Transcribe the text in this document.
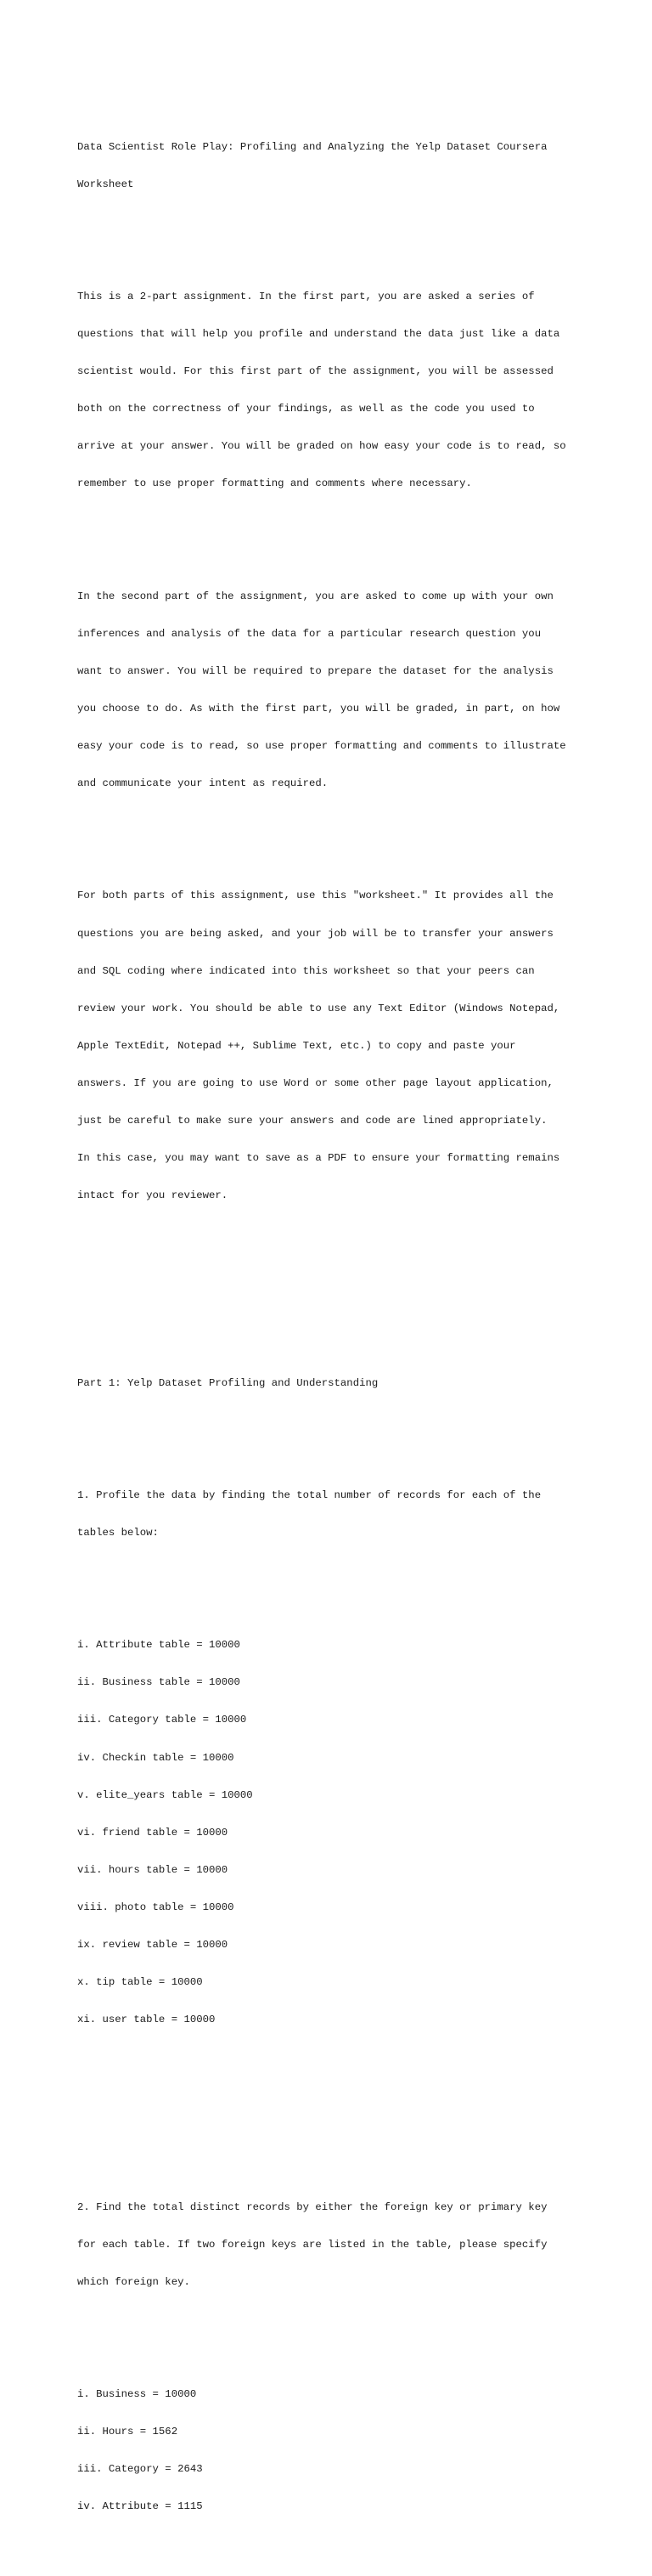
Data Scientist Role Play: Profiling and Analyzing the Yelp Dataset Coursera

Worksheet

This is a 2-part assignment. In the first part, you are asked a series of

questions that will help you profile and understand the data just like a data

scientist would. For this first part of the assignment, you will be assessed

both on the correctness of your findings, as well as the code you used to

arrive at your answer. You will be graded on how easy your code is to read, so

remember to use proper formatting and comments where necessary.

In the second part of the assignment, you are asked to come up with your own

inferences and analysis of the data for a particular research question you

want to answer. You will be required to prepare the dataset for the analysis

you choose to do. As with the first part, you will be graded, in part, on how

easy your code is to read, so use proper formatting and comments to illustrate

and communicate your intent as required.

For both parts of this assignment, use this "worksheet." It provides all the

questions you are being asked, and your job will be to transfer your answers

and SQL coding where indicated into this worksheet so that your peers can

review your work. You should be able to use any Text Editor (Windows Notepad,

Apple TextEdit, Notepad ++, Sublime Text, etc.) to copy and paste your

answers. If you are going to use Word or some other page layout application,

just be careful to make sure your answers and code are lined appropriately.

In this case, you may want to save as a PDF to ensure your formatting remains

intact for you reviewer.

Part 1: Yelp Dataset Profiling and Understanding

1. Profile the data by finding the total number of records for each of the

tables below:

i. Attribute table = 10000

ii. Business table = 10000

iii. Category table = 10000

iv. Checkin table = 10000

v. elite_years table = 10000

vi. friend table = 10000

vii. hours table = 10000

viii. photo table = 10000

ix. review table = 10000

x. tip table = 10000

xi. user table = 10000

2. Find the total distinct records by either the foreign key or primary key

for each table. If two foreign keys are listed in the table, please specify

which foreign key.

i. Business = 10000

ii. Hours = 1562

iii. Category = 2643

iv. Attribute = 1115
